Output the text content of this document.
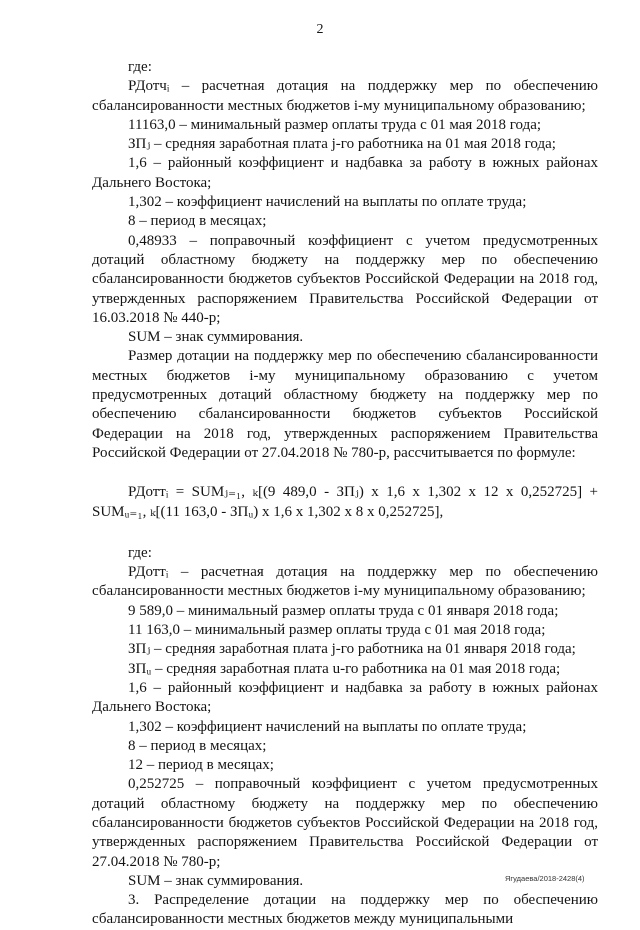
2

где:

РДотчᵢ – расчетная дотация на поддержку мер по обеспечению сбалансированности местных бюджетов i-му муниципальному образованию;

11163,0 – минимальный размер оплаты труда с 01 мая 2018 года;

ЗПⱼ – средняя заработная плата j-го работника на 01 мая 2018 года;

1,6 – районный коэффициент и надбавка за работу в южных районах Дальнего Востока;

1,302 – коэффициент начислений на выплаты по оплате труда;

8 – период в месяцах;

0,48933 – поправочный коэффициент с учетом предусмотренных дотаций областному бюджету на поддержку мер по обеспечению сбалансированности бюджетов субъектов Российской Федерации на 2018 год, утвержденных распоряжением Правительства Российской Федерации от 16.03.2018 № 440-р;

SUM – знак суммирования.

Размер дотации на поддержку мер по обеспечению сбалансированности местных бюджетов i-му муниципальному образованию с учетом предусмотренных дотаций областному бюджету на поддержку мер по обеспечению сбалансированности бюджетов субъектов Российской Федерации на 2018 год, утвержденных распоряжением Правительства Российской Федерации от 27.04.2018 № 780-р, рассчитывается по формуле:

РДоттᵢ = SUMⱼ₌₁, ₖ[(9 489,0 - ЗПⱼ) x 1,6 x 1,302 x 12 x 0,252725] + SUMᵤ₌₁, ₖ[(11 163,0 - ЗПᵤ) x 1,6 x 1,302 x 8 x 0,252725],

где:

РДоттᵢ – расчетная дотация на поддержку мер по обеспечению сбалансированности местных бюджетов i-му муниципальному образованию;

9 589,0 – минимальный размер оплаты труда с 01 января 2018 года;

11 163,0 – минимальный размер оплаты труда с 01 мая 2018 года;

ЗПⱼ – средняя заработная плата j-го работника на 01 января 2018 года;

ЗПᵤ – средняя заработная плата u-го работника на 01 мая 2018 года;

1,6 – районный коэффициент и надбавка за работу в южных районах Дальнего Востока;

1,302 – коэффициент начислений на выплаты по оплате труда;

8 – период в месяцах;

12 – период в месяцах;

0,252725 – поправочный коэффициент с учетом предусмотренных дотаций областному бюджету на поддержку мер по обеспечению сбалансированности бюджетов субъектов Российской Федерации на 2018 год, утвержденных распоряжением Правительства Российской Федерации от 27.04.2018 № 780-р;

SUM – знак суммирования.

3. Распределение дотации на поддержку мер по обеспечению сбалансированности местных бюджетов между муниципальными

Ягудаева/2018-2428(4)
